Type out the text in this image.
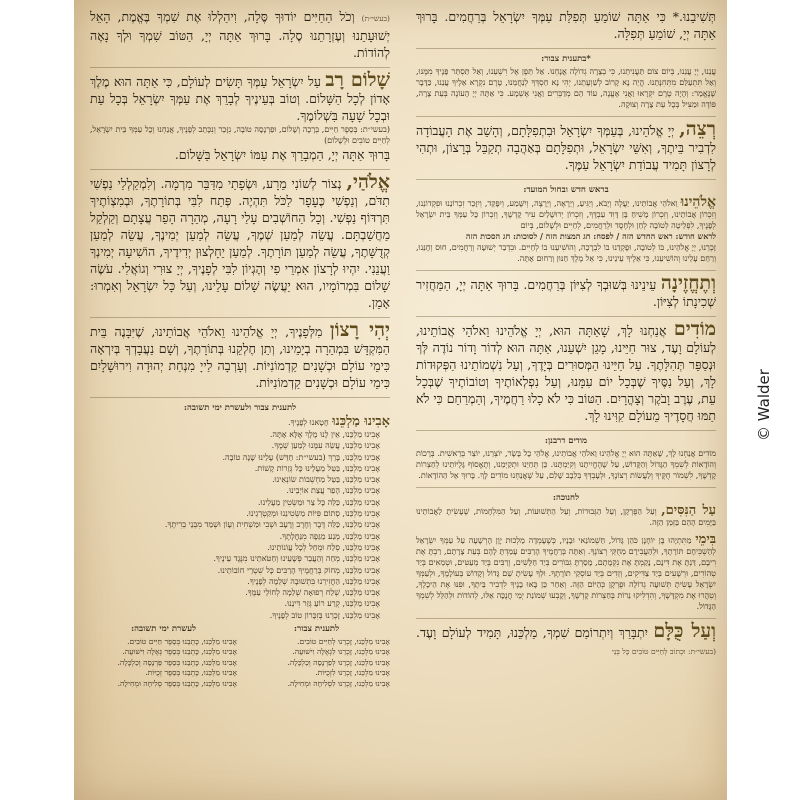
תְּשִׁיבֵנוּ.* כִּי אַתָּה שׁוֹמֵעַ תְּפִלַּת עַמְּךָ יִשְׂרָאֵל בְּרַחֲמִים. בָּרוּךְ אַתָּה יְיָ, שׁוֹמֵעַ תְּפִלָּה.

*בתענית צבור:

עֲנֵנוּ, יְיָ עֲנֵנוּ, בְּיוֹם צוֹם תַּעֲנִיתֵנוּ, כִּי בְצָרָה גְדוֹלָה אֲנָחְנוּ. אַל תֵּפֶן אֶל רִשְׁעֵנוּ, וְאַל תַּסְתֵּר פָּנֶיךָ מִמֶּנּוּ, וְאַל תִּתְעַלַּם מִתְּחִנָּתֵנוּ. הֱיֵה נָא קָרוֹב לְשַׁוְעָתֵנוּ, יְהִי נָא חַסְדְּךָ לְנַחֲמֵנוּ, טֶרֶם נִקְרָא אֵלֶיךָ עֲנֵנוּ, כַּדָּבָר שֶׁנֶּאֱמַר: וְהָיָה טֶרֶם יִקְרָאוּ וַאֲנִי אֶעֱנֶה, עוֹד הֵם מְדַבְּרִים וַאֲנִי אֶשְׁמָע. כִּי אַתָּה יְיָ הָעוֹנֶה בְּעֵת צָרָה, פּוֹדֶה וּמַצִּיל בְּכָל עֵת צָרָה וְצוּקָה.

רְצֵה, יְיָ אֱלֹהֵינוּ, בְּעַמְּךָ יִשְׂרָאֵל וּבִתְפִלָּתָם, וְהָשֵׁב אֶת הָעֲבוֹדָה לִדְבִיר בֵּיתֶךָ, וְאִשֵּׁי יִשְׂרָאֵל, וּתְפִלָּתָם בְּאַהֲבָה תְקַבֵּל בְּרָצוֹן, וּתְהִי לְרָצוֹן תָּמִיד עֲבוֹדַת יִשְׂרָאֵל עַמֶּךָ.

בראש חדש ובחול המועד:

אֱלֹהֵינוּ וֵאלֹהֵי אֲבוֹתֵינוּ, יַעֲלֶה וְיָבֹא, וְיַגִּיעַ, וְיֵרָאֶה, וְיֵרָצֶה, וְיִשָּׁמַע, וְיִפָּקֵד, וְיִזָּכֵר זִכְרוֹנֵנוּ וּפִקְדוֹנֵנוּ, וְזִכְרוֹן אֲבוֹתֵינוּ, וְזִכְרוֹן מָשִׁיחַ בֶּן דָּוִד עַבְדֶּךָ, וְזִכְרוֹן יְרוּשָׁלַיִם עִיר קָדְשֶׁךָ, וְזִכְרוֹן כָּל עַמְּךָ בֵּית יִשְׂרָאֵל לְפָנֶיךָ, לִפְלֵיטָה לְטוֹבָה לְחֵן וּלְחֶסֶד וּלְרַחֲמִים, לְחַיִּים וּלְשָׁלוֹם, בְּיוֹם

לראש חודש: ראש החדש הזה / לפסח: חג המצות הזה / לסוכות: חג הסכות הזה

זָכְרֵנוּ, יְיָ אֱלֹהֵינוּ, בּוֹ לְטוֹבָה, וּפָקְדֵנוּ בוֹ לִבְרָכָה, וְהוֹשִׁיעֵנוּ בוֹ לְחַיִּים. וּבִדְבַר יְשׁוּעָה וְרַחֲמִים, חוּס וְחָנֵּנוּ, וְרַחֵם עָלֵינוּ וְהוֹשִׁיעֵנוּ, כִּי אֵלֶיךָ עֵינֵינוּ, כִּי אֵל מֶלֶךְ חַנּוּן וְרַחוּם אָתָּה.

וְתֶחֱזֶינָה עֵינֵינוּ בְּשׁוּבְךָ לְצִיּוֹן בְּרַחֲמִים. בָּרוּךְ אַתָּה יְיָ, הַמַּחֲזִיר שְׁכִינָתוֹ לְצִיּוֹן.

מוֹדִים אֲנַחְנוּ לָךְ, שָׁאַתָּה הוּא, יְיָ אֱלֹהֵינוּ וֵאלֹהֵי אֲבוֹתֵינוּ, לְעוֹלָם וָעֶד, צוּר חַיֵּינוּ, מָגֵן יִשְׁעֵנוּ, אַתָּה הוּא לְדוֹר וָדוֹר נוֹדֶה לְּךָ וּנְסַפֵּר תְּהִלָּתֶךָ. עַל חַיֵּינוּ הַמְּסוּרִים בְּיָדֶךָ, וְעַל נִשְׁמוֹתֵינוּ הַפְּקוּדוֹת לָךְ, וְעַל נִסֶּיךָ שֶׁבְּכָל יוֹם עִמָּנוּ, וְעַל נִפְלְאוֹתֶיךָ וְטוֹבוֹתֶיךָ שֶׁבְּכָל עֵת, עֶרֶב וָבֹקֶר וְצָהֳרָיִם. הַטּוֹב כִּי לֹא כָלוּ רַחֲמֶיךָ, וְהַמְרַחֵם כִּי לֹא תַמּוּ חֲסָדֶיךָ מֵעוֹלָם קִוִּינוּ לָךְ.

מודים דרבנן:

מוֹדִים אֲנַחְנוּ לָךְ, שָׁאַתָּה הוּא יְיָ אֱלֹהֵינוּ וֵאלֹהֵי אֲבוֹתֵינוּ, אֱלֹהֵי כָל בָּשָׂר, יוֹצְרֵנוּ, יוֹצֵר בְּרֵאשִׁית. בְּרָכוֹת וְהוֹדָאוֹת לְשִׁמְךָ הַגָּדוֹל וְהַקָּדוֹשׁ, עַל שֶׁהֶחֱיִיתָנוּ וְקִיַּמְתָּנוּ. כֵּן תְּחַיֵּנוּ וּתְקַיְּמֵנוּ, וְתֶאֱסוֹף גָּלֻיּוֹתֵינוּ לְחַצְרוֹת קָדְשֶׁךָ, לִשְׁמוֹר חֻקֶּיךָ וְלַעֲשׂוֹת רְצוֹנֶךָ, וּלְעָבְדְּךָ בְּלֵבָב שָׁלֵם, עַל שֶׁאֲנַחְנוּ מוֹדִים לָךְ. בָּרוּךְ אֵל הַהוֹדָאוֹת.

לחנוכה:

עַל הַנִּסִּים, וְעַל הַפֻּרְקָן, וְעַל הַגְּבוּרוֹת, וְעַל הַתְּשׁוּעוֹת, וְעַל הַמִּלְחָמוֹת, שֶׁעָשִׂיתָ לַאֲבוֹתֵינוּ בַּיָּמִים הָהֵם בַּזְּמַן הַזֶּה.

בִּימֵי מַתִּתְיָהוּ בֶּן יוֹחָנָן כֹּהֵן גָּדוֹל, חַשְׁמוֹנַאי וּבָנָיו, כְּשֶׁעָמְדָה מַלְכוּת יָוָן הָרְשָׁעָה עַל עַמְּךָ יִשְׂרָאֵל לְהַשְׁכִּיחָם תּוֹרָתֶךָ, וּלְהַעֲבִירָם מֵחֻקֵּי רְצוֹנֶךָ. וְאַתָּה בְּרַחֲמֶיךָ הָרַבִּים עָמַדְתָּ לָהֶם בְּעֵת צָרָתָם, רַבְתָּ אֶת רִיבָם, דַּנְתָּ אֶת דִּינָם, נָקַמְתָּ אֶת נִקְמָתָם, מָסַרְתָּ גִבּוֹרִים בְּיַד חַלָּשִׁים, וְרַבִּים בְּיַד מְעַטִּים, וּטְמֵאִים בְּיַד טְהוֹרִים, וּרְשָׁעִים בְּיַד צַדִּיקִים, וְזֵדִים בְּיַד עוֹסְקֵי תוֹרָתֶךָ. וּלְךָ עָשִׂיתָ שֵׁם גָּדוֹל וְקָדוֹשׁ בְּעוֹלָמֶךָ, וּלְעַמְּךָ יִשְׂרָאֵל עָשִׂיתָ תְּשׁוּעָה גְדוֹלָה וּפֻרְקָן כְּהַיּוֹם הַזֶּה. וְאַחַר כֵּן בָּאוּ בָנֶיךָ לִדְבִיר בֵּיתֶךָ, וּפִנּוּ אֶת הֵיכָלֶךָ, וְטִהֲרוּ אֶת מִקְדָּשֶׁךָ, וְהִדְלִיקוּ נֵרוֹת בְּחַצְרוֹת קָדְשֶׁךָ, וְקָבְעוּ שְׁמוֹנַת יְמֵי חֲנֻכָּה אֵלּוּ, לְהוֹדוֹת וּלְהַלֵּל לְשִׁמְךָ הַגָּדוֹל.

וְעַל כֻּלָּם יִתְבָּרַךְ וְיִתְרוֹמַם שִׁמְךָ, מַלְכֵּנוּ, תָּמִיד לְעוֹלָם וָעֶד. (בעשי״ת: וּכְתוֹב לְחַיִּים טוֹבִים כָּל בְּנֵי

(בעשי״ת) וְכֹל הַחַיִּים יוֹדוּךָ סֶּלָה, וִיהַלְלוּ אֶת שִׁמְךָ בֶּאֱמֶת, הָאֵל יְשׁוּעָתֵנוּ וְעֶזְרָתֵנוּ סֶלָה. בָּרוּךְ אַתָּה יְיָ, הַטּוֹב שִׁמְךָ וּלְךָ נָאֶה לְהוֹדוֹת.

שָׁלוֹם רָב עַל יִשְׂרָאֵל עַמְּךָ תָּשִׂים לְעוֹלָם, כִּי אַתָּה הוּא מֶלֶךְ אָדוֹן לְכָל הַשָּׁלוֹם. וְטוֹב בְּעֵינֶיךָ לְבָרֵךְ אֶת עַמְּךָ יִשְׂרָאֵל בְּכָל עֵת וּבְכָל שָׁעָה בִּשְׁלוֹמֶךָ.

(בעשי״ת: בְּסֵפֶר חַיִּים, בְּרָכָה וְשָׁלוֹם, וּפַרְנָסָה טוֹבָה, נִזָּכֵר וְנִכָּתֵב לְפָנֶיךָ, אֲנַחְנוּ וְכָל עַמְּךָ בֵּית יִשְׂרָאֵל, לְחַיִּים טוֹבִים וּלְשָׁלוֹם)

בָּרוּךְ אַתָּה יְיָ, הַמְבָרֵךְ אֶת עַמּוֹ יִשְׂרָאֵל בַּשָּׁלוֹם.

אֱלֹהַי, נְצוֹר לְשׁוֹנִי מֵרָע, וּשְׂפָתַי מִדַּבֵּר מִרְמָה. וְלִמְקַלְלַי נַפְשִׁי תִדֹּם, וְנַפְשִׁי כֶּעָפָר לַכֹּל תִּהְיֶה. פְּתַח לִבִּי בְּתוֹרָתֶךָ, וּבְמִצְוֹתֶיךָ תִּרְדּוֹף נַפְשִׁי. וְכָל הַחוֹשְׁבִים עָלַי רָעָה, מְהֵרָה הָפֵר עֲצָתָם וְקַלְקֵל מַחֲשַׁבְתָּם. עֲשֵׂה לְמַעַן שְׁמֶךָ, עֲשֵׂה לְמַעַן יְמִינֶךָ, עֲשֵׂה לְמַעַן קְדֻשָּׁתֶךָ, עֲשֵׂה לְמַעַן תּוֹרָתֶךָ. לְמַעַן יֵחָלְצוּן יְדִידֶיךָ, הוֹשִׁיעָה יְמִינְךָ וַעֲנֵנִי. יִהְיוּ לְרָצוֹן אִמְרֵי פִי וְהֶגְיוֹן לִבִּי לְפָנֶיךָ, יְיָ צוּרִי וְגוֹאֲלִי. עֹשֶׂה שָׁלוֹם בִּמְרוֹמָיו, הוּא יַעֲשֶׂה שָׁלוֹם עָלֵינוּ, וְעַל כָּל יִשְׂרָאֵל וְאִמְרוּ: אָמֵן.

יְהִי רָצוֹן מִלְּפָנֶיךָ, יְיָ אֱלֹהֵינוּ וֵאלֹהֵי אֲבוֹתֵינוּ, שֶׁיִּבָּנֶה בֵּית הַמִּקְדָּשׁ בִּמְהֵרָה בְיָמֵינוּ, וְתֵן חֶלְקֵנוּ בְּתוֹרָתֶךָ, וְשָׁם נַעֲבָדְךָ בְּיִרְאָה כִּימֵי עוֹלָם וּכְשָׁנִים קַדְמוֹנִיּוֹת. וְעָרְבָה לַייָ מִנְחַת יְהוּדָה וִירוּשָׁלָיִם כִּימֵי עוֹלָם וּכְשָׁנִים קַדְמוֹנִיּוֹת.

לתענית צבור ולעשרת ימי תשובה:

אָבִינוּ מַלְכֵּנוּ חָטָאנוּ לְפָנֶיךָ.

אָבִינוּ מַלְכֵּנוּ, אֵין לָנוּ מֶלֶךְ אֶלָּא אָתָּה.
אָבִינוּ מַלְכֵּנוּ, עֲשֵׂה עִמָּנוּ לְמַעַן שְׁמֶךָ.
אָבִינוּ מַלְכֵּנוּ, בָּרֵךְ (בעשי״ת: חַדֵּשׁ) עָלֵינוּ שָׁנָה טוֹבָה.
אָבִינוּ מַלְכֵּנוּ, בַּטֵּל מֵעָלֵינוּ כָּל גְּזֵרוֹת קָשׁוֹת.
אָבִינוּ מַלְכֵּנוּ, בַּטֵּל מַחְשְׁבוֹת שׂוֹנְאֵינוּ.
אָבִינוּ מַלְכֵּנוּ, הָפֵר עֲצַת אוֹיְבֵינוּ.
אָבִינוּ מַלְכֵּנוּ, כַּלֵּה כָּל צַר וּמַשְׂטִין מֵעָלֵינוּ.
אָבִינוּ מַלְכֵּנוּ, סְתוֹם פִּיּוֹת מַשְׂטִינֵנוּ וּמְקַטְרְגֵינוּ.
אָבִינוּ מַלְכֵּנוּ, כַּלֵּה דֶּבֶר וְחֶרֶב וְרָעָב וּשְׁבִי וּמַשְׁחִית וְעָוֹן וּשְׁמַד מִבְּנֵי בְרִיתֶךָ.
אָבִינוּ מַלְכֵּנוּ, מְנַע מַגֵּפָה מִנַּחֲלָתֶךָ.
אָבִינוּ מַלְכֵּנוּ, סְלַח וּמְחַל לְכָל עֲוֹנוֹתֵינוּ.
אָבִינוּ מַלְכֵּנוּ, מְחֵה וְהַעֲבֵר פְּשָׁעֵינוּ וְחַטֹּאתֵינוּ מִנֶּגֶד עֵינֶיךָ.
אָבִינוּ מַלְכֵּנוּ, מְחוֹק בְּרַחֲמֶיךָ הָרַבִּים כָּל שִׁטְרֵי חוֹבוֹתֵינוּ.
אָבִינוּ מַלְכֵּנוּ, הַחֲזִירֵנוּ בִּתְשׁוּבָה שְׁלֵמָה לְפָנֶיךָ.
אָבִינוּ מַלְכֵּנוּ, שְׁלַח רְפוּאָה שְׁלֵמָה לְחוֹלֵי עַמֶּךָ.
אָבִינוּ מַלְכֵּנוּ, קְרַע רוֹעַ גְּזַר דִּינֵנוּ.
אָבִינוּ מַלְכֵּנוּ, זָכְרֵנוּ בְּזִכָּרוֹן טוֹב לְפָנֶיךָ.
לתענית צבור:
אָבִינוּ מַלְכֵּנוּ, זָכְרֵנוּ לְחַיִּים טוֹבִים.
אָבִינוּ מַלְכֵּנוּ, זָכְרֵנוּ לִגְאֻלָּה וִישׁוּעָה.
אָבִינוּ מַלְכֵּנוּ, זָכְרֵנוּ לְפַרְנָסָה וְכַלְכָּלָה.
אָבִינוּ מַלְכֵּנוּ, זָכְרֵנוּ לִזְכֻיּוֹת.
אָבִינוּ מַלְכֵּנוּ, זָכְרֵנוּ לִסְלִיחָה וּמְחִילָה.
לעשרת ימי תשובה:
אָבִינוּ מַלְכֵּנוּ, כָּתְבֵנוּ בְּסֵפֶר חַיִּים טוֹבִים.
אָבִינוּ מַלְכֵּנוּ, כָּתְבֵנוּ בְּסֵפֶר גְּאֻלָּה וִישׁוּעָה.
אָבִינוּ מַלְכֵּנוּ, כָּתְבֵנוּ בְּסֵפֶר פַּרְנָסָה וְכַלְכָּלָה.
אָבִינוּ מַלְכֵּנוּ, כָּתְבֵנוּ בְּסֵפֶר זְכֻיּוֹת.
אָבִינוּ מַלְכֵּנוּ, כָּתְבֵנוּ בְּסֵפֶר סְלִיחָה וּמְחִילָה.
© Walder
